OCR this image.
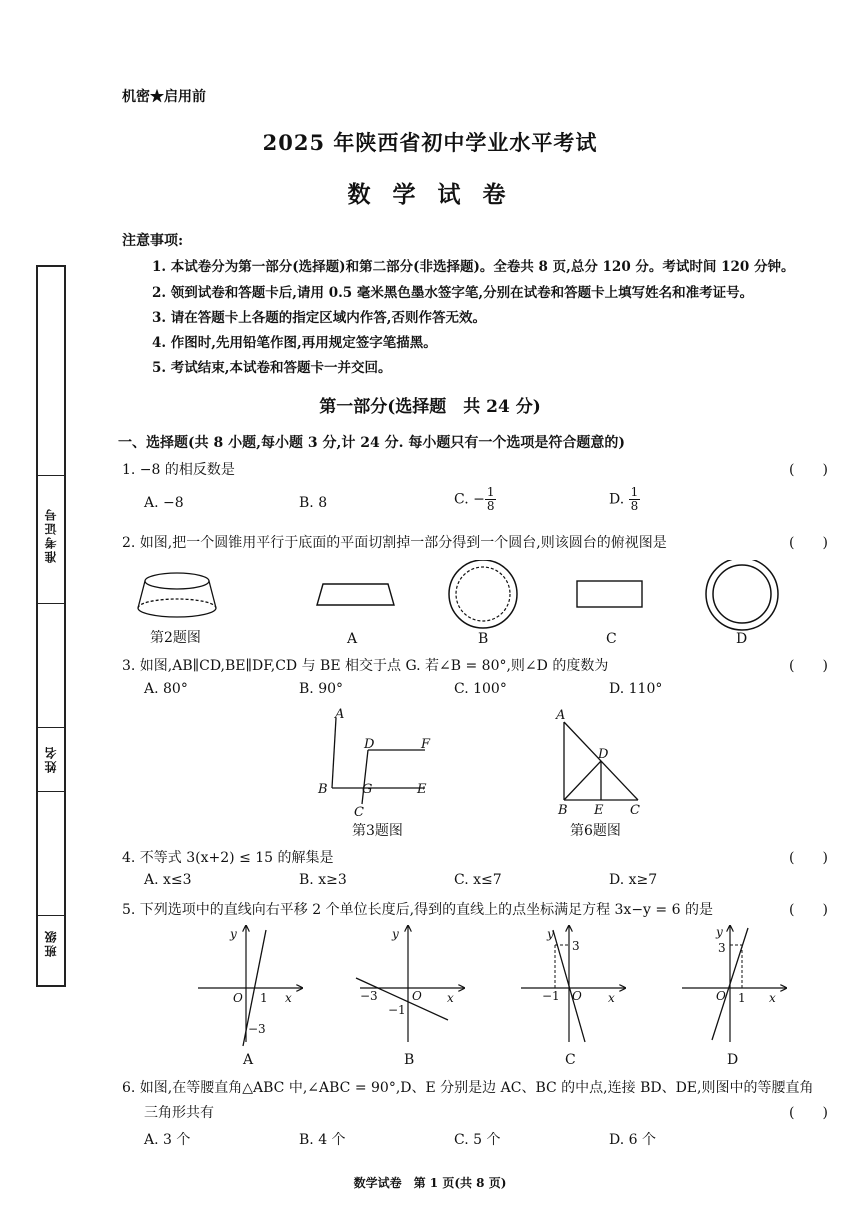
准考证号
姓名
班级
机密★启用前
2025 年陕西省初中学业水平考试
数 学 试 卷
注意事项:
1. 本试卷分为第一部分(选择题)和第二部分(非选择题)。全卷共 8 页,总分 120 分。考试时间 120 分钟。
2. 领到试卷和答题卡后,请用 0.5 毫米黑色墨水签字笔,分别在试卷和答题卡上填写姓名和准考证号。
3. 请在答题卡上各题的指定区域内作答,否则作答无效。
4. 作图时,先用铅笔作图,再用规定签字笔描黑。
5. 考试结束,本试卷和答题卡一并交回。
第一部分(选择题　共 24 分)
一、选择题(共 8 小题,每小题 3 分,计 24 分. 每小题只有一个选项是符合题意的)
1. −8 的相反数是	(　　)
A. −8	B. 8	C. − $\frac{1}{8}$	D. $\frac{1}{8}$
2. 如图,把一个圆锥用平行于底面的平面切割掉一部分得到一个圆台,则该圆台的俯视图是	(　　)
第2题图	A	B	C	D
3. 如图,AB∥CD,BE∥DF,CD 与 BE 相交于点 G. 若∠B = 80°,则∠D 的度数为	(　　)
A. 80°	B. 90°	C. 100°	D. 110°
A
D	F
B	G	E
C
第3题图
A
D
B E C
第6题图
4. 不等式 3(x+2) ≤ 15 的解集是	(　　)
A. x≤3	B. x≥3	C. x≤7	D. x≥7
5. 下列选项中的直线向右平移 2 个单位长度后,得到的直线上的点坐标满足方程 3x−y = 6 的是	(　　)
y
x
O 1
−3
A
y
x
O
−3
−1
B
y
x
O
−1
3
C
y
x
O 1
3
D
6. 如图,在等腰直角△ABC 中,∠ABC = 90°,D、E 分别是边 AC、BC 的中点,连接 BD、DE,则图中的等腰直角
三角形共有	(　　)
A. 3 个	B. 4 个	C. 5 个	D. 6 个
数学试卷　第 1 页(共 8 页)
